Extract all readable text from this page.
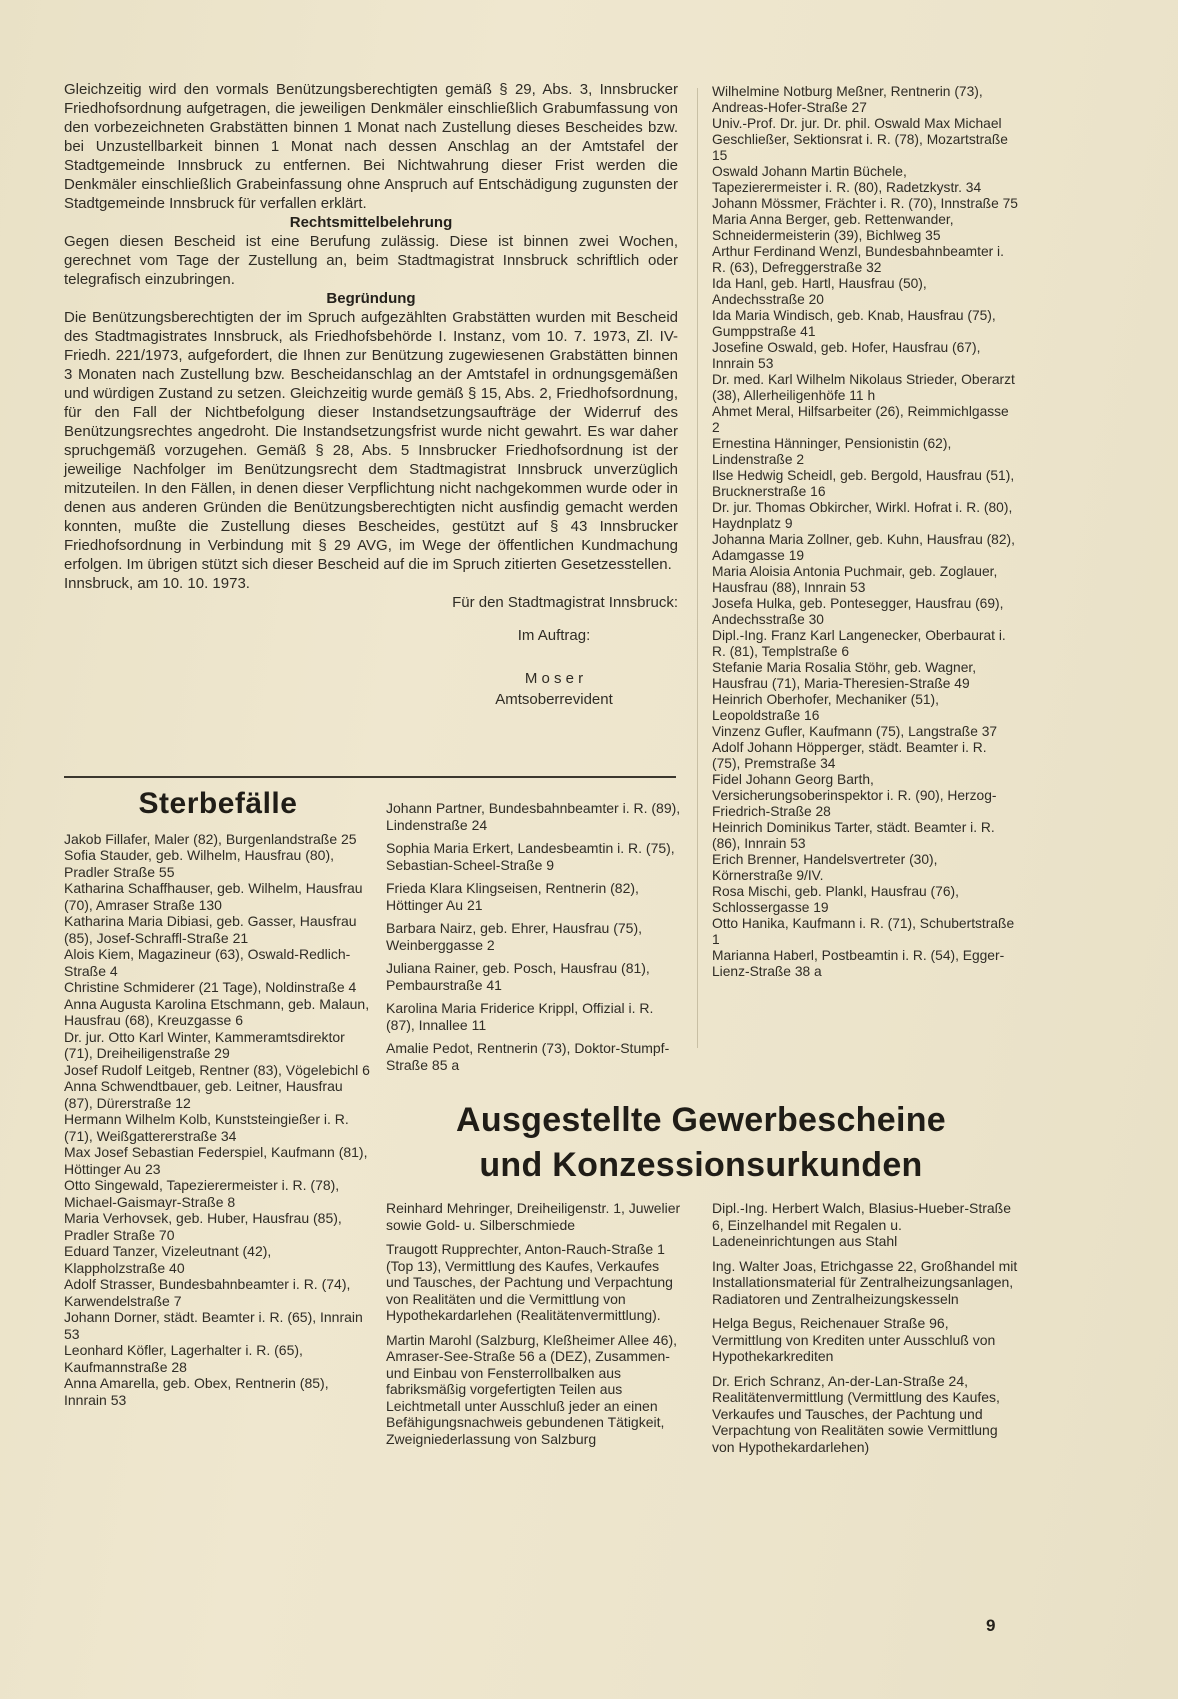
Gleichzeitig wird den vormals Benützungsberechtigten gemäß § 29, Abs. 3, Innsbrucker Friedhofsordnung aufgetragen, die jeweiligen Denkmäler einschließlich Grabumfassung von den vorbezeichneten Grabstätten binnen 1 Monat nach Zustellung dieses Bescheides bzw. bei Unzustellbarkeit binnen 1 Monat nach dessen Anschlag an der Amtstafel der Stadtgemeinde Innsbruck zu entfernen. Bei Nichtwahrung dieser Frist werden die Denkmäler einschließlich Grabeinfassung ohne Anspruch auf Entschädigung zugunsten der Stadtgemeinde Innsbruck für verfallen erklärt.

Rechtsmittelbelehrung

Gegen diesen Bescheid ist eine Berufung zulässig. Diese ist binnen zwei Wochen, gerechnet vom Tage der Zustellung an, beim Stadtmagistrat Innsbruck schriftlich oder telegrafisch einzubringen.

Begründung

Die Benützungsberechtigten der im Spruch aufgezählten Grabstätten wurden mit Bescheid des Stadtmagistrates Innsbruck, als Friedhofsbehörde I. Instanz, vom 10. 7. 1973, Zl. IV-Friedh. 221/1973, aufgefordert, die Ihnen zur Benützung zugewiesenen Grabstätten binnen 3 Monaten nach Zustellung bzw. Bescheidanschlag an der Amtstafel in ordnungsgemäßen und würdigen Zustand zu setzen. Gleichzeitig wurde gemäß § 15, Abs. 2, Friedhofsordnung, für den Fall der Nichtbefolgung dieser Instandsetzungsaufträge der Widerruf des Benützungsrechtes angedroht. Die Instandsetzungsfrist wurde nicht gewahrt. Es war daher spruchgemäß vorzugehen. Gemäß § 28, Abs. 5 Innsbrucker Friedhofsordnung ist der jeweilige Nachfolger im Benützungsrecht dem Stadtmagistrat Innsbruck unverzüglich mitzuteilen. In den Fällen, in denen dieser Verpflichtung nicht nachgekommen wurde oder in denen aus anderen Gründen die Benützungsberechtigten nicht ausfindig gemacht werden konnten, mußte die Zustellung dieses Bescheides, gestützt auf § 43 Innsbrucker Friedhofsordnung in Verbindung mit § 29 AVG, im Wege der öffentlichen Kundmachung erfolgen. Im übrigen stützt sich dieser Bescheid auf die im Spruch zitierten Gesetzesstellen.

Innsbruck, am 10. 10. 1973.

Für den Stadtmagistrat Innsbruck:

Im Auftrag:

M o s e r

Amtsoberrevident

Wilhelmine Notburg Meßner, Rentnerin (73), Andreas-Hofer-Straße 27

Univ.-Prof. Dr. jur. Dr. phil. Oswald Max Michael Geschließer, Sektionsrat i. R. (78), Mozartstraße 15

Oswald Johann Martin Büchele, Tapezierermeister i. R. (80), Radetzkystr. 34

Johann Mössmer, Frächter i. R. (70), Innstraße 75

Maria Anna Berger, geb. Rettenwander, Schneidermeisterin (39), Bichlweg 35

Arthur Ferdinand Wenzl, Bundesbahnbeamter i. R. (63), Defreggerstraße 32

Ida Hanl, geb. Hartl, Hausfrau (50), Andechsstraße 20

Ida Maria Windisch, geb. Knab, Hausfrau (75), Gumppstraße 41

Josefine Oswald, geb. Hofer, Hausfrau (67), Innrain 53

Dr. med. Karl Wilhelm Nikolaus Strieder, Oberarzt (38), Allerheiligenhöfe 11 h

Ahmet Meral, Hilfsarbeiter (26), Reimmichlgasse 2

Ernestina Hänninger, Pensionistin (62), Lindenstraße 2

Ilse Hedwig Scheidl, geb. Bergold, Hausfrau (51), Brucknerstraße 16

Dr. jur. Thomas Obkircher, Wirkl. Hofrat i. R. (80), Haydnplatz 9

Johanna Maria Zollner, geb. Kuhn, Hausfrau (82), Adamgasse 19

Maria Aloisia Antonia Puchmair, geb. Zoglauer, Hausfrau (88), Innrain 53

Josefa Hulka, geb. Pontesegger, Hausfrau (69), Andechsstraße 30

Dipl.-Ing. Franz Karl Langenecker, Oberbaurat i. R. (81), Templstraße 6

Stefanie Maria Rosalia Stöhr, geb. Wagner, Hausfrau (71), Maria-Theresien-Straße 49

Heinrich Oberhofer, Mechaniker (51), Leopoldstraße 16

Vinzenz Gufler, Kaufmann (75), Langstraße 37

Adolf Johann Höpperger, städt. Beamter i. R. (75), Premstraße 34

Fidel Johann Georg Barth, Versicherungsoberinspektor i. R. (90), Herzog-Friedrich-Straße 28

Heinrich Dominikus Tarter, städt. Beamter i. R. (86), Innrain 53

Erich Brenner, Handelsvertreter (30), Körnerstraße 9/IV.

Rosa Mischi, geb. Plankl, Hausfrau (76), Schlossergasse 19

Otto Hanika, Kaufmann i. R. (71), Schubertstraße 1

Marianna Haberl, Postbeamtin i. R. (54), Egger-Lienz-Straße 38 a

Sterbefälle

Jakob Fillafer, Maler (82), Burgenlandstraße 25

Sofia Stauder, geb. Wilhelm, Hausfrau (80), Pradler Straße 55

Katharina Schaffhauser, geb. Wilhelm, Hausfrau (70), Amraser Straße 130

Katharina Maria Dibiasi, geb. Gasser, Hausfrau (85), Josef-Schraffl-Straße 21

Alois Kiem, Magazineur (63), Oswald-Redlich-Straße 4

Christine Schmiderer (21 Tage), Noldinstraße 4

Anna Augusta Karolina Etschmann, geb. Malaun, Hausfrau (68), Kreuzgasse 6

Dr. jur. Otto Karl Winter, Kammeramtsdirektor (71), Dreiheiligenstraße 29

Josef Rudolf Leitgeb, Rentner (83), Vögelebichl 6

Anna Schwendtbauer, geb. Leitner, Hausfrau (87), Dürerstraße 12

Hermann Wilhelm Kolb, Kunststeingießer i. R. (71), Weißgattererstraße 34

Max Josef Sebastian Federspiel, Kaufmann (81), Höttinger Au 23

Otto Singewald, Tapezierermeister i. R. (78), Michael-Gaismayr-Straße 8

Maria Verhovsek, geb. Huber, Hausfrau (85), Pradler Straße 70

Eduard Tanzer, Vizeleutnant (42), Klappholzstraße 40

Adolf Strasser, Bundesbahnbeamter i. R. (74), Karwendelstraße 7

Johann Dorner, städt. Beamter i. R. (65), Innrain 53

Leonhard Köfler, Lagerhalter i. R. (65), Kaufmannstraße 28

Anna Amarella, geb. Obex, Rentnerin (85), Innrain 53

Johann Partner, Bundesbahnbeamter i. R. (89), Lindenstraße 24

Sophia Maria Erkert, Landesbeamtin i. R. (75), Sebastian-Scheel-Straße 9

Frieda Klara Klingseisen, Rentnerin (82), Höttinger Au 21

Barbara Nairz, geb. Ehrer, Hausfrau (75), Weinberggasse 2

Juliana Rainer, geb. Posch, Hausfrau (81), Pembaurstraße 41

Karolina Maria Friderice Krippl, Offizial i. R. (87), Innallee 11

Amalie Pedot, Rentnerin (73), Doktor-Stumpf-Straße 85 a

Ausgestellte Gewerbescheine
und Konzessionsurkunden

Reinhard Mehringer, Dreiheiligenstr. 1, Juwelier sowie Gold- u. Silberschmiede

Traugott Rupprechter, Anton-Rauch-Straße 1 (Top 13), Vermittlung des Kaufes, Verkaufes und Tausches, der Pachtung und Verpachtung von Realitäten und die Vermittlung von Hypothekardarlehen (Realitätenvermittlung).

Martin Marohl (Salzburg, Kleßheimer Allee 46), Amraser-See-Straße 56 a (DEZ), Zusammen- und Einbau von Fensterrollbalken aus fabriksmäßig vorgefertigten Teilen aus Leichtmetall unter Ausschluß jeder an einen Befähigungsnachweis gebundenen Tätigkeit, Zweigniederlassung von Salzburg

Dipl.-Ing. Herbert Walch, Blasius-Hueber-Straße 6, Einzelhandel mit Regalen u. Ladeneinrichtungen aus Stahl

Ing. Walter Joas, Etrichgasse 22, Großhandel mit Installationsmaterial für Zentralheizungsanlagen, Radiatoren und Zentralheizungskesseln

Helga Begus, Reichenauer Straße 96, Vermittlung von Krediten unter Ausschluß von Hypothekarkrediten

Dr. Erich Schranz, An-der-Lan-Straße 24, Realitätenvermittlung (Vermittlung des Kaufes, Verkaufes und Tausches, der Pachtung und Verpachtung von Realitäten sowie Vermittlung von Hypothekardarlehen)

9
